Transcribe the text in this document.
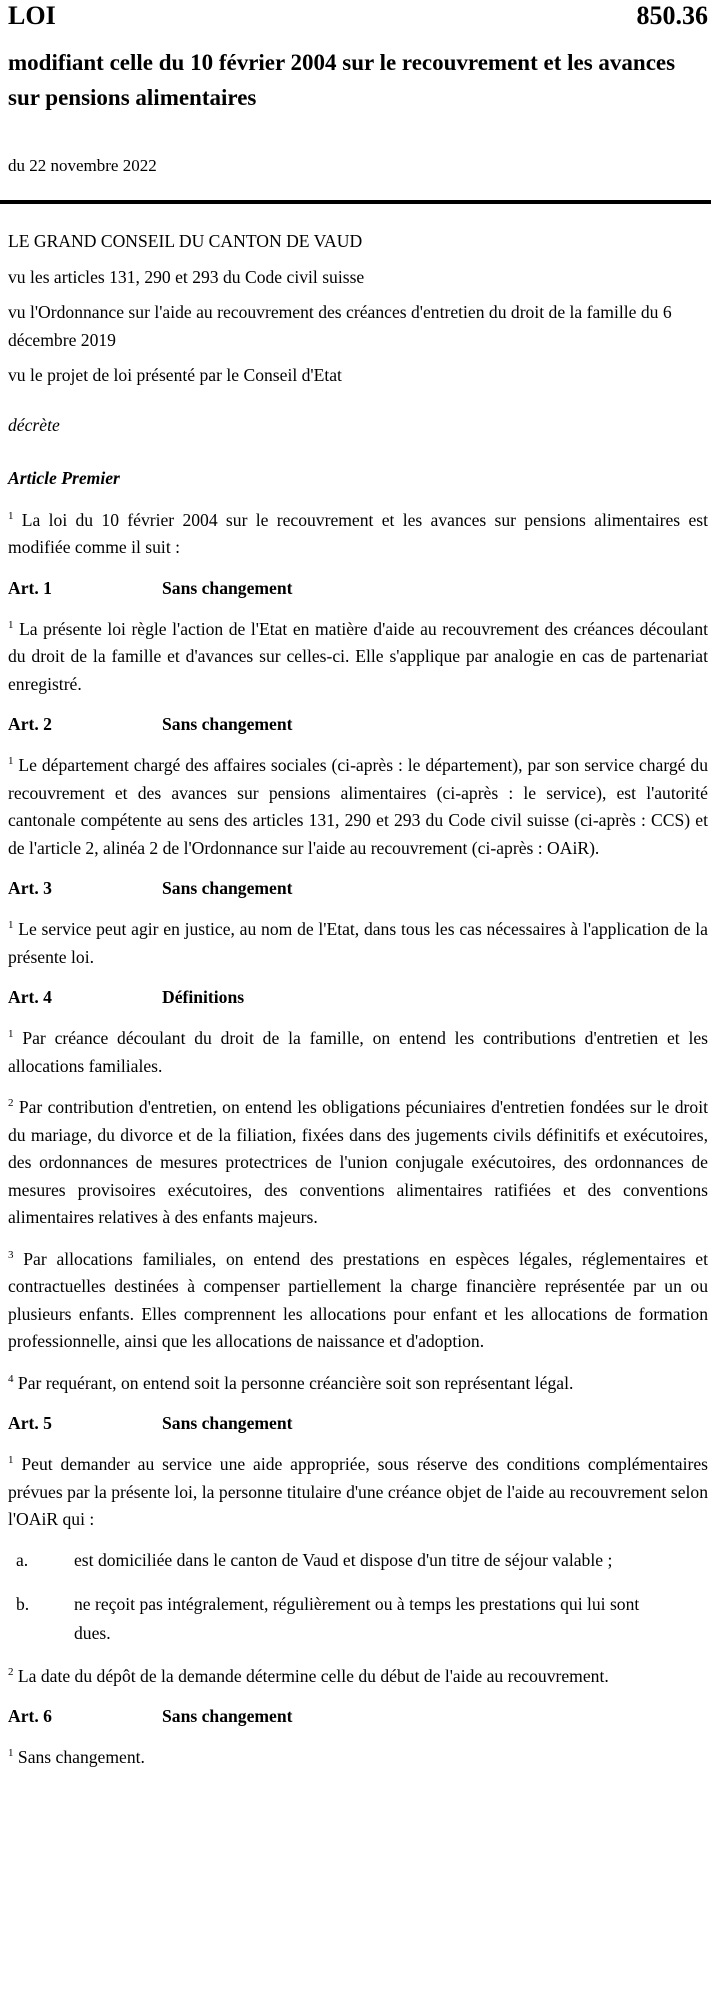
LOI	850.36
modifiant celle du 10 février 2004 sur le recouvrement et les avances sur pensions alimentaires
du 22 novembre 2022

LE GRAND CONSEIL DU CANTON DE VAUD

vu les articles 131, 290 et 293 du Code civil suisse

vu l'Ordonnance sur l'aide au recouvrement des créances d'entretien du droit de la famille du 6 décembre 2019

vu le projet de loi présenté par le Conseil d'Etat

décrète

Article Premier

$^1$ La loi du 10 février 2004 sur le recouvrement et les avances sur pensions alimentaires est modifiée comme il suit :

Art. 1	Sans changement

$^1$ La présente loi règle l'action de l'Etat en matière d'aide au recouvrement des créances découlant du droit de la famille et d'avances sur celles-ci. Elle s'applique par analogie en cas de partenariat enregistré.

Art. 2	Sans changement

$^1$ Le département chargé des affaires sociales (ci-après : le département), par son service chargé du recouvrement et des avances sur pensions alimentaires (ci-après : le service), est l'autorité cantonale compétente au sens des articles 131, 290 et 293 du Code civil suisse (ci-après : CCS) et de l'article 2, alinéa 2 de l'Ordonnance sur l'aide au recouvrement (ci-après : OAiR).

Art. 3	Sans changement

$^1$ Le service peut agir en justice, au nom de l'Etat, dans tous les cas nécessaires à l'application de la présente loi.

Art. 4	Définitions

$^1$ Par créance découlant du droit de la famille, on entend les contributions d'entretien et les allocations familiales.

$^2$ Par contribution d'entretien, on entend les obligations pécuniaires d'entretien fondées sur le droit du mariage, du divorce et de la filiation, fixées dans des jugements civils définitifs et exécutoires, des ordonnances de mesures protectrices de l'union conjugale exécutoires, des ordonnances de mesures provisoires exécutoires, des conventions alimentaires ratifiées et des conventions alimentaires relatives à des enfants majeurs.

$^3$ Par allocations familiales, on entend des prestations en espèces légales, réglementaires et contractuelles destinées à compenser partiellement la charge financière représentée par un ou plusieurs enfants. Elles comprennent les allocations pour enfant et les allocations de formation professionnelle, ainsi que les allocations de naissance et d'adoption.

$^4$ Par requérant, on entend soit la personne créancière soit son représentant légal.

Art. 5	Sans changement

$^1$ Peut demander au service une aide appropriée, sous réserve des conditions complémentaires prévues par la présente loi, la personne titulaire d'une créance objet de l'aide au recouvrement selon l'OAiR qui :

a.	est domiciliée dans le canton de Vaud et dispose d'un titre de séjour valable ;
b.	ne reçoit pas intégralement, régulièrement ou à temps les prestations qui lui sont dues.

$^2$ La date du dépôt de la demande détermine celle du début de l'aide au recouvrement.

Art. 6	Sans changement

$^1$ Sans changement.
